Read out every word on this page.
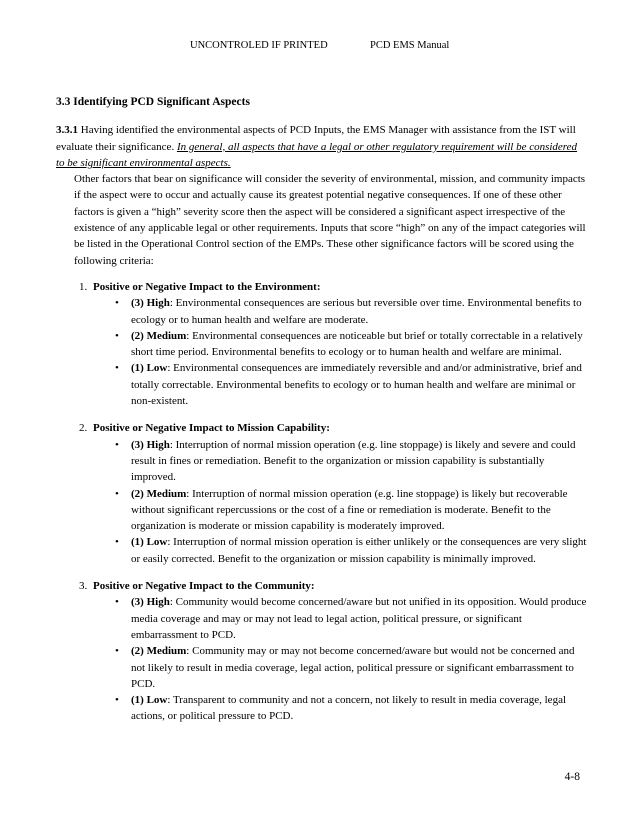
UNCONTROLED IF PRINTED	PCD EMS Manual
3.3 Identifying PCD Significant Aspects
3.3.1 Having identified the environmental aspects of PCD Inputs, the EMS Manager with assistance from the IST will evaluate their significance. In general, all aspects that have a legal or other regulatory requirement will be considered to be significant environmental aspects.
Other factors that bear on significance will consider the severity of environmental, mission, and community impacts if the aspect were to occur and actually cause its greatest potential negative consequences. If one of these other factors is given a “high” severity score then the aspect will be considered a significant aspect irrespective of the existence of any applicable legal or other requirements. Inputs that score “high” on any of the impact categories will be listed in the Operational Control section of the EMPs. These other significance factors will be scored using the following criteria:
1. Positive or Negative Impact to the Environment:
• (3) High: Environmental consequences are serious but reversible over time. Environmental benefits to ecology or to human health and welfare are moderate.
• (2) Medium: Environmental consequences are noticeable but brief or totally correctable in a relatively short time period. Environmental benefits to ecology or to human health and welfare are minimal.
• (1) Low: Environmental consequences are immediately reversible and and/or administrative, brief and totally correctable. Environmental benefits to ecology or to human health and welfare are minimal or non-existent.
2. Positive or Negative Impact to Mission Capability:
• (3) High: Interruption of normal mission operation (e.g. line stoppage) is likely and severe and could result in fines or remediation. Benefit to the organization or mission capability is substantially improved.
• (2) Medium: Interruption of normal mission operation (e.g. line stoppage) is likely but recoverable without significant repercussions or the cost of a fine or remediation is moderate. Benefit to the organization is moderate or mission capability is moderately improved.
• (1) Low: Interruption of normal mission operation is either unlikely or the consequences are very slight or easily corrected. Benefit to the organization or mission capability is minimally improved.
3. Positive or Negative Impact to the Community:
• (3) High: Community would become concerned/aware but not unified in its opposition. Would produce media coverage and may or may not lead to legal action, political pressure, or significant embarrassment to PCD.
• (2) Medium: Community may or may not become concerned/aware but would not be concerned and not likely to result in media coverage, legal action, political pressure or significant embarrassment to PCD.
• (1) Low: Transparent to community and not a concern, not likely to result in media coverage, legal actions, or political pressure to PCD.
4-8
